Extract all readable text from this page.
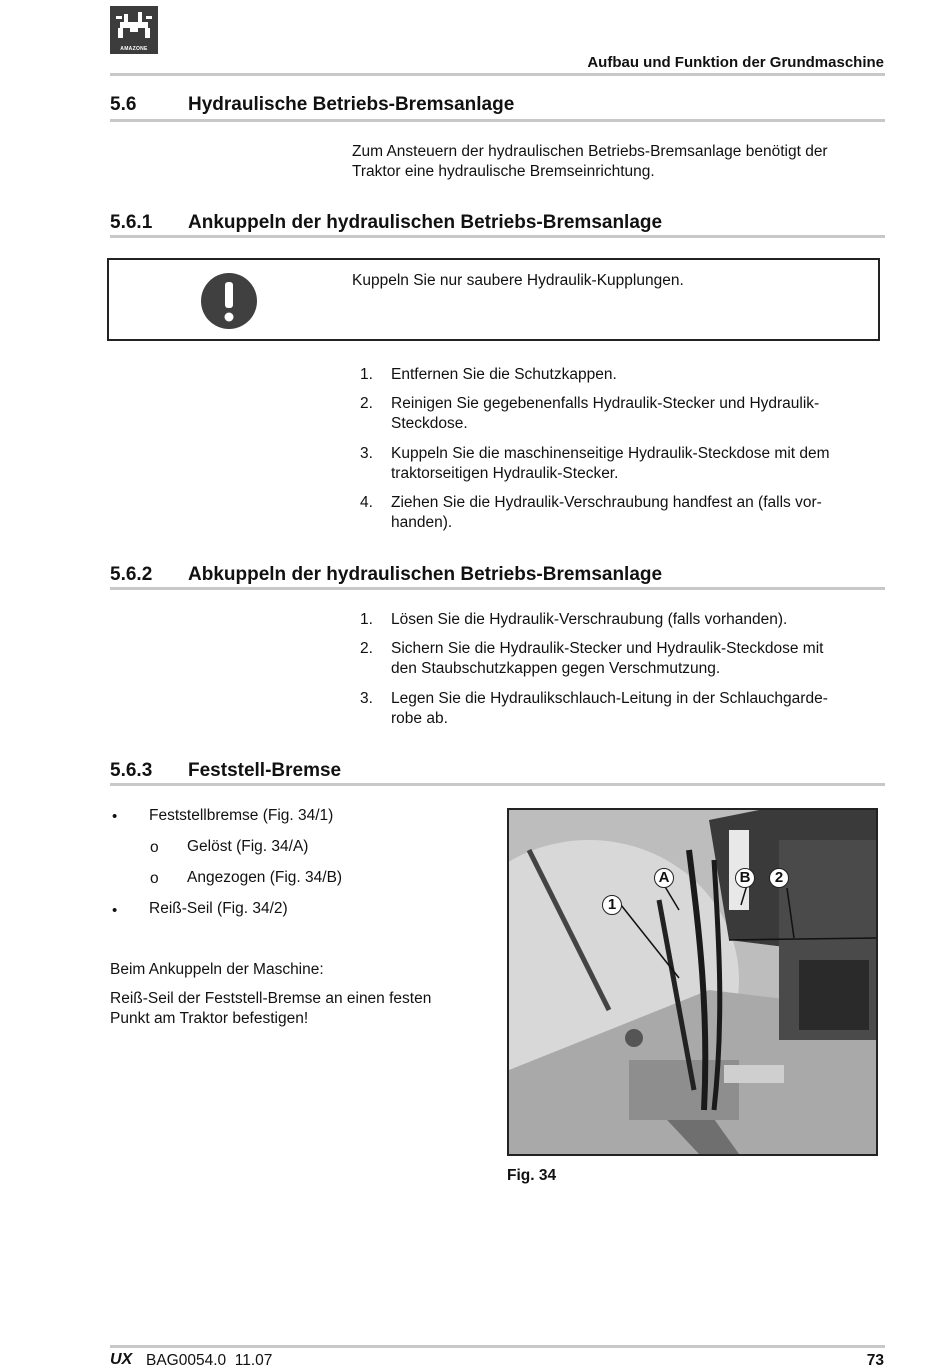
AMAZONE
Aufbau und Funktion der Grundmaschine
5.6	Hydraulische Betriebs-Bremsanlage
Zum Ansteuern der hydraulischen Betriebs-Bremsanlage benötigt der
Traktor eine hydraulische Bremseinrichtung.
5.6.1 Ankuppeln der hydraulischen Betriebs-Bremsanlage
Kuppeln Sie nur saubere Hydraulik-Kupplungen.
1. Entfernen Sie die Schutzkappen.
2. Reinigen Sie gegebenenfalls Hydraulik-Stecker und Hydraulik-
Steckdose.
3. Kuppeln Sie die maschinenseitige Hydraulik-Steckdose mit dem
traktorseitigen Hydraulik-Stecker.
4. Ziehen Sie die Hydraulik-Verschraubung handfest an (falls vor-
handen).
5.6.2 Abkuppeln der hydraulischen Betriebs-Bremsanlage
1. Lösen Sie die Hydraulik-Verschraubung (falls vorhanden).
2. Sichern Sie die Hydraulik-Stecker und Hydraulik-Steckdose mit
den Staubschutzkappen gegen Verschmutzung.
3. Legen Sie die Hydraulikschlauch-Leitung in der Schlauchgarde-
robe ab.
5.6.3 Feststell-Bremse
• Feststellbremse (Fig. 34/1)
ο Gelöst (Fig. 34/A)
ο Angezogen (Fig. 34/B)
• Reiß-Seil (Fig. 34/2)
Beim Ankuppeln der Maschine:
Reiß-Seil der Feststell-Bremse an einen festen
Punkt am Traktor befestigen!
1
A	B	2
Fig. 34
UX BAG0054.0  11.07	73
